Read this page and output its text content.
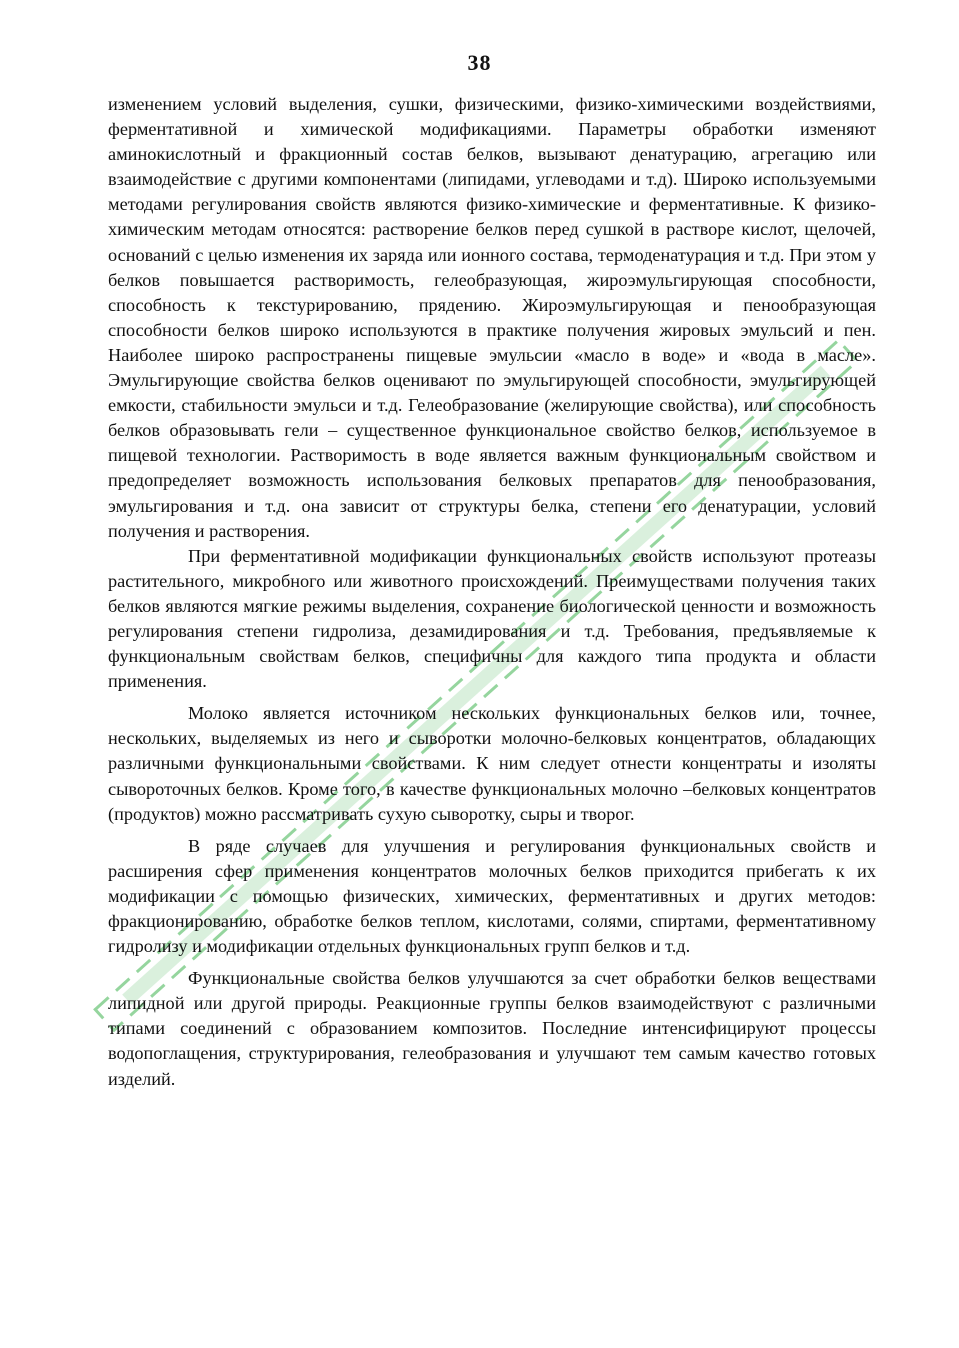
38

изменением условий выделения, сушки, физическими, физико-химическими воздействиями, ферментативной и химической модификациями. Параметры обработки изменяют аминокислотный и фракционный состав белков, вызывают денатурацию, агрегацию или взаимодействие с другими компонентами (липидами, углеводами и т.д). Широко используемыми методами регулирования свойств являются физико-химические и ферментативные. К физико-химическим методам относятся: растворение белков перед сушкой в растворе кислот, щелочей, оснований с целью изменения их заряда или ионного состава, термоденатурация и т.д. При этом у белков повышается растворимость, гелеобразующая, жироэмульгирующая способности, способность к текстурированию, прядению. Жироэмульгирующая и пенообразующая способности белков широко используются в практике получения жировых эмульсий и пен. Наиболее широко распространены пищевые эмульсии «масло в воде» и «вода в масле». Эмульгирующие свойства белков оценивают по эмульгирующей способности, эмульгирующей емкости, стабильности эмульси и т.д. Гелеобразование (желирующие свойства), или способность белков образовывать гели – существенное функциональное свойство белков, используемое в пищевой технологии. Растворимость в воде является важным функциональным свойством и предопределяет возможность использования белковых препаратов для пенообразования, эмульгирования и т.д. она зависит от структуры белка, степени его денатурации, условий получения и растворения.

При ферментативной модификации функциональных свойств используют протеазы растительного, микробного или животного происхождений. Преимуществами получения таких белков являются мягкие режимы выделения, сохранение биологической ценности и возможность регулирования степени гидролиза, дезамидирования и т.д. Требования, предъявляемые к функциональным свойствам белков, специфичны для каждого типа продукта и области применения.

Молоко является источником нескольких функциональных белков или, точнее, нескольких, выделяемых из него и сыворотки молочно-белковых концентратов, обладающих различными функциональными свойствами. К ним следует отнести концентраты и изоляты сывороточных белков. Кроме того, в качестве функциональных молочно –белковых концентратов (продуктов) можно рассматривать сухую сыворотку, сыры и творог.

В ряде случаев для улучшения и регулирования функциональных свойств и расширения сфер применения концентратов молочных белков приходится прибегать к их модификации с помощью физических, химических, ферментативных и других методов: фракционированию, обработке белков теплом, кислотами, солями, спиртами, ферментативному гидролизу и модификации отдельных функциональных групп белков и т.д.

Функциональные свойства белков улучшаются за счет обработки белков веществами липидной или другой природы. Реакционные группы белков взаимодействуют с различными типами соединений с образованием композитов. Последние интенсифицируют процессы водопоглащения, структурирования, гелеобразования и улучшают тем самым качество готовых изделий.
